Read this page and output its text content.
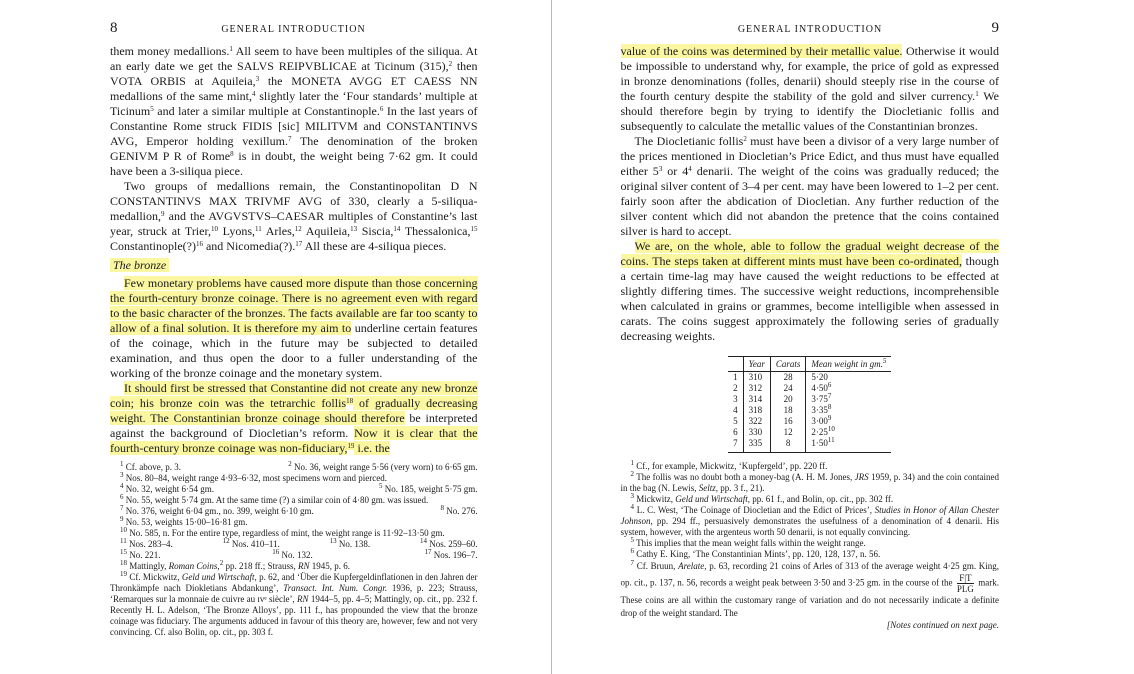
8	GENERAL INTRODUCTION

them money medallions.$^1$ All seem to have been multiples of the siliqua. At an early date we get the SALVS REIPVBLICAE at Ticinum (315),$^2$ then VOTA ORBIS at Aquileia,$^3$ the MONETA AVGG ET CAESS NN medallions of the same mint,$^4$ slightly later the ‘Four standards’ multiple at Ticinum$^5$ and later a similar multiple at Constantinople.$^6$ In the last years of Constantine Rome struck FIDIS [sic] MILITVM and CONSTANTINVS AVG, Emperor holding vexillum.$^7$ The denomination of the broken GENIVM P R of Rome$^8$ is in doubt, the weight being 7·62 gm. It could have been a 3-siliqua piece.

Two groups of medallions remain, the Constantinopolitan D N CONSTANTINVS MAX TRIVMF AVG of 330, clearly a 5-siliqua-medallion,$^9$ and the AVGVSTVS–CAESAR multiples of Constantine’s last year, struck at Trier,$^{10}$ Lyons,$^{11}$ Arles,$^{12}$ Aquileia,$^{13}$ Siscia,$^{14}$ Thessalonica,$^{15}$ Constantinople(?)$^{16}$ and Nicomedia(?).$^{17}$ All these are 4-siliqua pieces.

The bronze

Few monetary problems have caused more dispute than those concerning the fourth-century bronze coinage. There is no agreement even with regard to the basic character of the bronzes. The facts available are far too scanty to allow of a final solution. It is therefore my aim to underline certain features of the coinage, which in the future may be subjected to detailed examination, and thus open the door to a fuller understanding of the working of the bronze coinage and the monetary system.

It should first be stressed that Constantine did not create any new bronze coin; his bronze coin was the tetrarchic follis$^{18}$ of gradually decreasing weight. The Constantinian bronze coinage should therefore be interpreted against the background of Diocletian’s reform. Now it is clear that the fourth-century bronze coinage was non-fiduciary,$^{19}$ i.e. the

$^1$ Cf. above, p. 3.	$^2$ No. 36, weight range 5·56 (very worn) to 6·65 gm.

$^3$ Nos. 80–84, weight range 4·93–6·32, most specimens worn and pierced.

$^4$ No. 32, weight 6·54 gm.	$^5$ No. 185, weight 5·75 gm.

$^6$ No. 55, weight 5·74 gm. At the same time (?) a similar coin of 4·80 gm. was issued.

$^7$ No. 376, weight 6·04 gm., no. 399, weight 6·10 gm.	$^8$ No. 276.

$^9$ No. 53, weights 15·00–16·81 gm.

$^{10}$ No. 585, n. For the entire type, regardless of mint, the weight range is 11·92–13·50 gm.

$^{11}$ Nos. 283–4.	$^{12}$ Nos. 410–11.	$^{13}$ No. 138.	$^{14}$ Nos. 259–60.
$^{15}$ No. 221.	$^{16}$ No. 132.	$^{17}$ Nos. 196–7.

$^{18}$ Mattingly, Roman Coins,$^2$ pp. 218 ff.; Strauss, RN 1945, p. 6.

$^{19}$ Cf. Mickwitz, Geld und Wirtschaft, p. 62, and ‘Über die Kupfergeldinflationen in den Jahren der Thronkämpfe nach Diokletians Abdankung’, Transact. Int. Num. Congr. 1936, p. 223; Strauss, ‘Remarques sur la monnaie de cuivre au ɪvᵉ siècle’, RN 1944–5, pp. 4–5; Mattingly, op. cit., pp. 232 f. Recently H. L. Adelson, ‘The Bronze Alloys’, pp. 111 f., has propounded the view that the bronze coinage was fiduciary. The arguments adduced in favour of this theory are, however, few and not very convincing. Cf. also Bolin, op. cit., pp. 303 f.

GENERAL INTRODUCTION	9

value of the coins was determined by their metallic value. Otherwise it would be impossible to understand why, for example, the price of gold as expressed in bronze denominations (folles, denarii) should steeply rise in the course of the fourth century despite the stability of the gold and silver currency.$^1$ We should therefore begin by trying to identify the Diocletianic follis and subsequently to calculate the metallic values of the Constantinian bronzes.

The Diocletianic follis$^2$ must have been a divisor of a very large number of the prices mentioned in Diocletian’s Price Edict, and thus must have equalled either $5^3$ or $4^4$ denarii. The weight of the coins was gradually reduced; the original silver content of 3–4 per cent. may have been lowered to 1–2 per cent. fairly soon after the abdication of Diocletian. Any further reduction of the silver content which did not abandon the pretence that the coins contained silver is hard to accept.

We are, on the whole, able to follow the gradual weight decrease of the coins. The steps taken at different mints must have been co-ordinated, though a certain time-lag may have caused the weight reductions to be effected at slightly differing times. The successive weight reductions, incomprehensible when calculated in grains or grammes, become intelligible when assessed in carats. The coins suggest approximately the following series of gradually decreasing weights.

	Year	Carats	Mean weight in gm.$^5$
1	310	28	5·20
2	312	24	$4\cdot 50^6$
3	314	20	$3\cdot 75^7$
4	318	18	$3\cdot 35^8$
5	322	16	$3\cdot 00^9$
6	330	12	$2\cdot 25^{10}$
7	335	8	$1\cdot 50^{11}$

$^1$ Cf., for example, Mickwitz, ‘Kupfergeld’, pp. 220 ff.

$^2$ The follis was no doubt both a money-bag (A. H. M. Jones, JRS 1959, p. 34) and the coin contained in the bag (N. Lewis, Seltz, pp. 3 f., 21).

$^3$ Mickwitz, Geld und Wirtschaft, pp. 61 f., and Bolin, op. cit., pp. 302 ff.

$^4$ L. C. West, ‘The Coinage of Diocletian and the Edict of Prices’, Studies in Honor of Allan Chester Johnson, pp. 294 ff., persuasively demonstrates the usefulness of a denomination of 4 denarii. His system, however, with the argenteus worth 50 denarii, is not equally convincing.

$^5$ This implies that the mean weight falls within the weight range.

$^6$ Cathy E. King, ‘The Constantinian Mints’, pp. 120, 128, 137, n. 56.

$^7$ Cf. Bruun, Arelate, p. 63, recording 21 coins of Arles of 313 of the average weight 4·25 gm. King, op. cit., p. 137, n. 56, records a weight peak between 3·50 and 3·25 gm. in the course of the $\frac{F|T}{\text{PLG}}$ mark. These coins are all within the customary range of variation and do not necessarily indicate a definite drop of the weight standard. The

[Notes continued on next page.
